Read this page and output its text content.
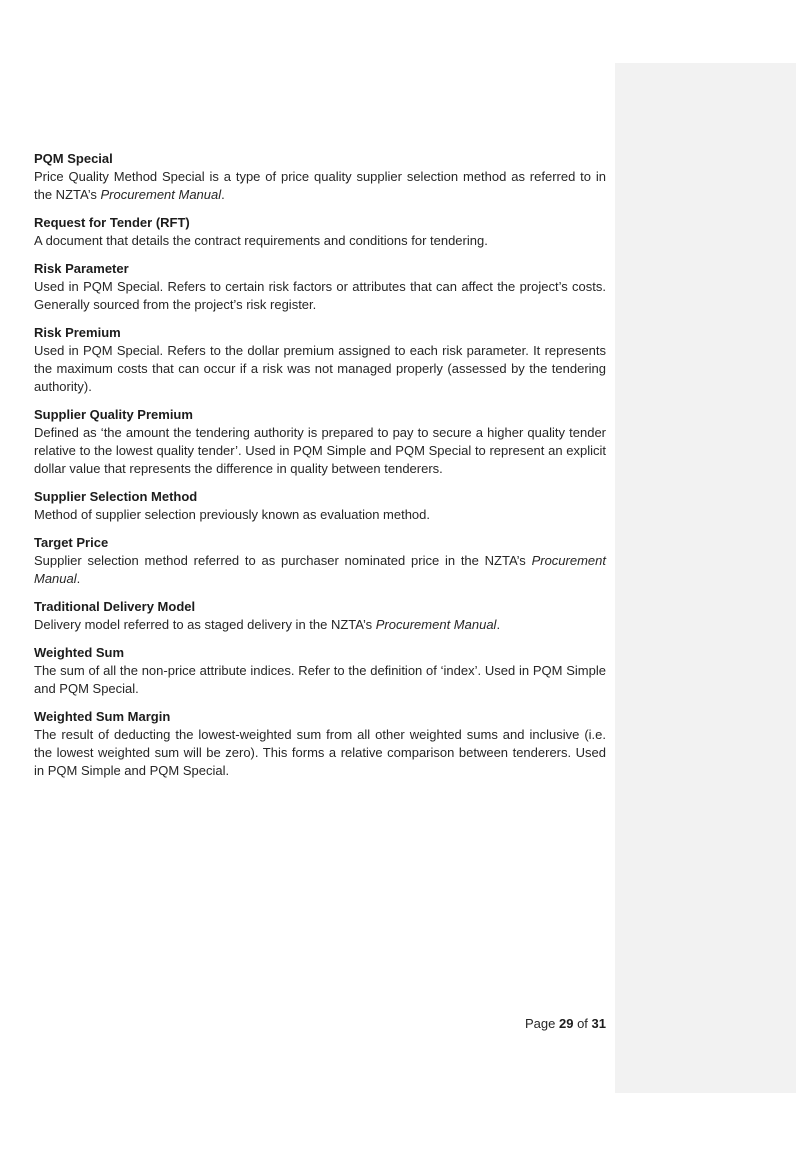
PQM Special

Price Quality Method Special is a type of price quality supplier selection method as referred to in the NZTA’s Procurement Manual.

Request for Tender (RFT)

A document that details the contract requirements and conditions for tendering.

Risk Parameter

Used in PQM Special. Refers to certain risk factors or attributes that can affect the project’s costs. Generally sourced from the project’s risk register.

Risk Premium

Used in PQM Special. Refers to the dollar premium assigned to each risk parameter. It represents the maximum costs that can occur if a risk was not managed properly (assessed by the tendering authority).

Supplier Quality Premium

Defined as ‘the amount the tendering authority is prepared to pay to secure a higher quality tender relative to the lowest quality tender’. Used in PQM Simple and PQM Special to represent an explicit dollar value that represents the difference in quality between tenderers.

Supplier Selection Method

Method of supplier selection previously known as evaluation method.

Target Price

Supplier selection method referred to as purchaser nominated price in the NZTA’s Procurement Manual.

Traditional Delivery Model

Delivery model referred to as staged delivery in the NZTA’s Procurement Manual.

Weighted Sum

The sum of all the non-price attribute indices. Refer to the definition of ‘index’. Used in PQM Simple and PQM Special.

Weighted Sum Margin

The result of deducting the lowest-weighted sum from all other weighted sums and inclusive (i.e. the lowest weighted sum will be zero). This forms a relative comparison between tenderers. Used in PQM Simple and PQM Special.

Page 29 of 31
